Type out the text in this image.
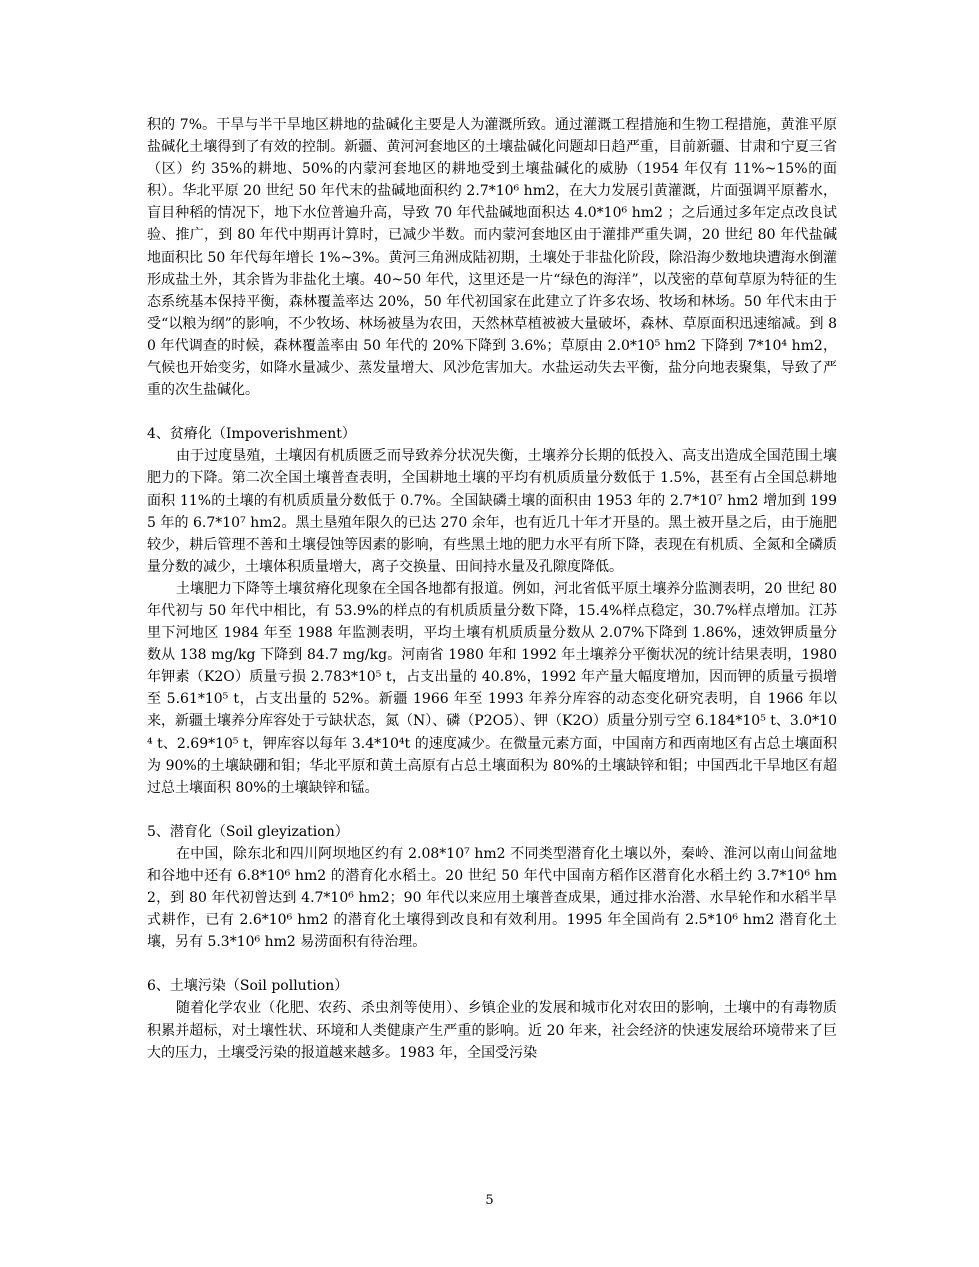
积的 7%。干旱与半干旱地区耕地的盐碱化主要是人为灌溉所致。通过灌溉工程措施和生物工程措施，黄淮平原盐碱化土壤得到了有效的控制。新疆、黄河河套地区的土壤盐碱化问题却日趋严重，目前新疆、甘肃和宁夏三省（区）约 35%的耕地、50%的内蒙河套地区的耕地受到土壤盐碱化的威胁（1954 年仅有 11%~15%的面积）。华北平原 20 世纪 50 年代末的盐碱地面积约 2.7*10⁶ hm2，在大力发展引黄灌溉，片面强调平原蓄水，盲目种稻的情况下，地下水位普遍升高，导致 70 年代盐碱地面积达 4.0*10⁶ hm2 ；之后通过多年定点改良试验、推广，到 80 年代中期再计算时，已减少半数。而内蒙河套地区由于灌排严重失调，20 世纪 80 年代盐碱地面积比 50 年代每年增长 1%~3%。黄河三角洲成陆初期，土壤处于非盐化阶段，除沿海少数地块遭海水倒灌形成盐土外，其余皆为非盐化土壤。40~50 年代，这里还是一片“绿色的海洋”，以茂密的草甸草原为特征的生态系统基本保持平衡，森林覆盖率达 20%，50 年代初国家在此建立了许多农场、牧场和林场。50 年代末由于受“以粮为纲”的影响，不少牧场、林场被垦为农田，天然林草植被被大量破坏，森林、草原面积迅速缩减。到 80 年代调查的时候，森林覆盖率由 50 年代的 20%下降到 3.6%；草原由 2.0*10⁵ hm2 下降到 7*10⁴ hm2，气候也开始变劣，如降水量减少、蒸发量增大、风沙危害加大。水盐运动失去平衡，盐分向地表聚集，导致了严重的次生盐碱化。

4、贫瘠化（Impoverishment）

由于过度垦殖，土壤因有机质匮乏而导致养分状况失衡，土壤养分长期的低投入、高支出造成全国范围土壤肥力的下降。第二次全国土壤普查表明，全国耕地土壤的平均有机质质量分数低于 1.5%，甚至有占全国总耕地面积 11%的土壤的有机质质量分数低于 0.7%。全国缺磷土壤的面积由 1953 年的 2.7*10⁷ hm2 增加到 1995 年的 6.7*10⁷ hm2。黑土垦殖年限久的已达 270 余年，也有近几十年才开垦的。黑土被开垦之后，由于施肥较少，耕后管理不善和土壤侵蚀等因素的影响，有些黑土地的肥力水平有所下降，表现在有机质、全氮和全磷质量分数的减少，土壤体积质量增大，离子交换量、田间持水量及孔隙度降低。

土壤肥力下降等土壤贫瘠化现象在全国各地都有报道。例如，河北省低平原土壤养分监测表明，20 世纪 80 年代初与 50 年代中相比，有 53.9%的样点的有机质质量分数下降，15.4%样点稳定，30.7%样点增加。江苏里下河地区 1984 年至 1988 年监测表明，平均土壤有机质质量分数从 2.07%下降到 1.86%，速效钾质量分数从 138 mg/kg 下降到 84.7 mg/kg。河南省 1980 年和 1992 年土壤养分平衡状况的统计结果表明，1980 年钾素（K2O）质量亏损 2.783*10⁵ t，占支出量的 40.8%，1992 年产量大幅度增加，因而钾的质量亏损增至 5.61*10⁵ t，占支出量的 52%。新疆 1966 年至 1993 年养分库容的动态变化研究表明，自 1966 年以来，新疆土壤养分库容处于亏缺状态，氮（N）、磷（P2O5）、钾（K2O）质量分别亏空 6.184*10⁵ t、3.0*10⁴ t、2.69*10⁵ t，钾库容以每年 3.4*10⁴t 的速度减少。在微量元素方面，中国南方和西南地区有占总土壤面积为 90%的土壤缺硼和钼；华北平原和黄土高原有占总土壤面积为 80%的土壤缺锌和钼；中国西北干旱地区有超过总土壤面积 80%的土壤缺锌和锰。

5、潜育化（Soil gleyization）

在中国，除东北和四川阿坝地区约有 2.08*10⁷ hm2 不同类型潜育化土壤以外，秦岭、淮河以南山间盆地和谷地中还有 6.8*10⁶ hm2 的潜育化水稻土。20 世纪 50 年代中国南方稻作区潜育化水稻土约 3.7*10⁶ hm2，到 80 年代初曾达到 4.7*10⁶ hm2；90 年代以来应用土壤普查成果，通过排水治潜、水旱轮作和水稻半旱式耕作，已有 2.6*10⁶ hm2 的潜育化土壤得到改良和有效利用。1995 年全国尚有 2.5*10⁶ hm2 潜育化土壤，另有 5.3*10⁶ hm2 易涝面积有待治理。

6、土壤污染（Soil pollution）

随着化学农业（化肥、农药、杀虫剂等使用）、乡镇企业的发展和城市化对农田的影响，土壤中的有毒物质积累并超标，对土壤性状、环境和人类健康产生严重的影响。近 20 年来，社会经济的快速发展给环境带来了巨大的压力，土壤受污染的报道越来越多。1983 年，全国受污染

5
